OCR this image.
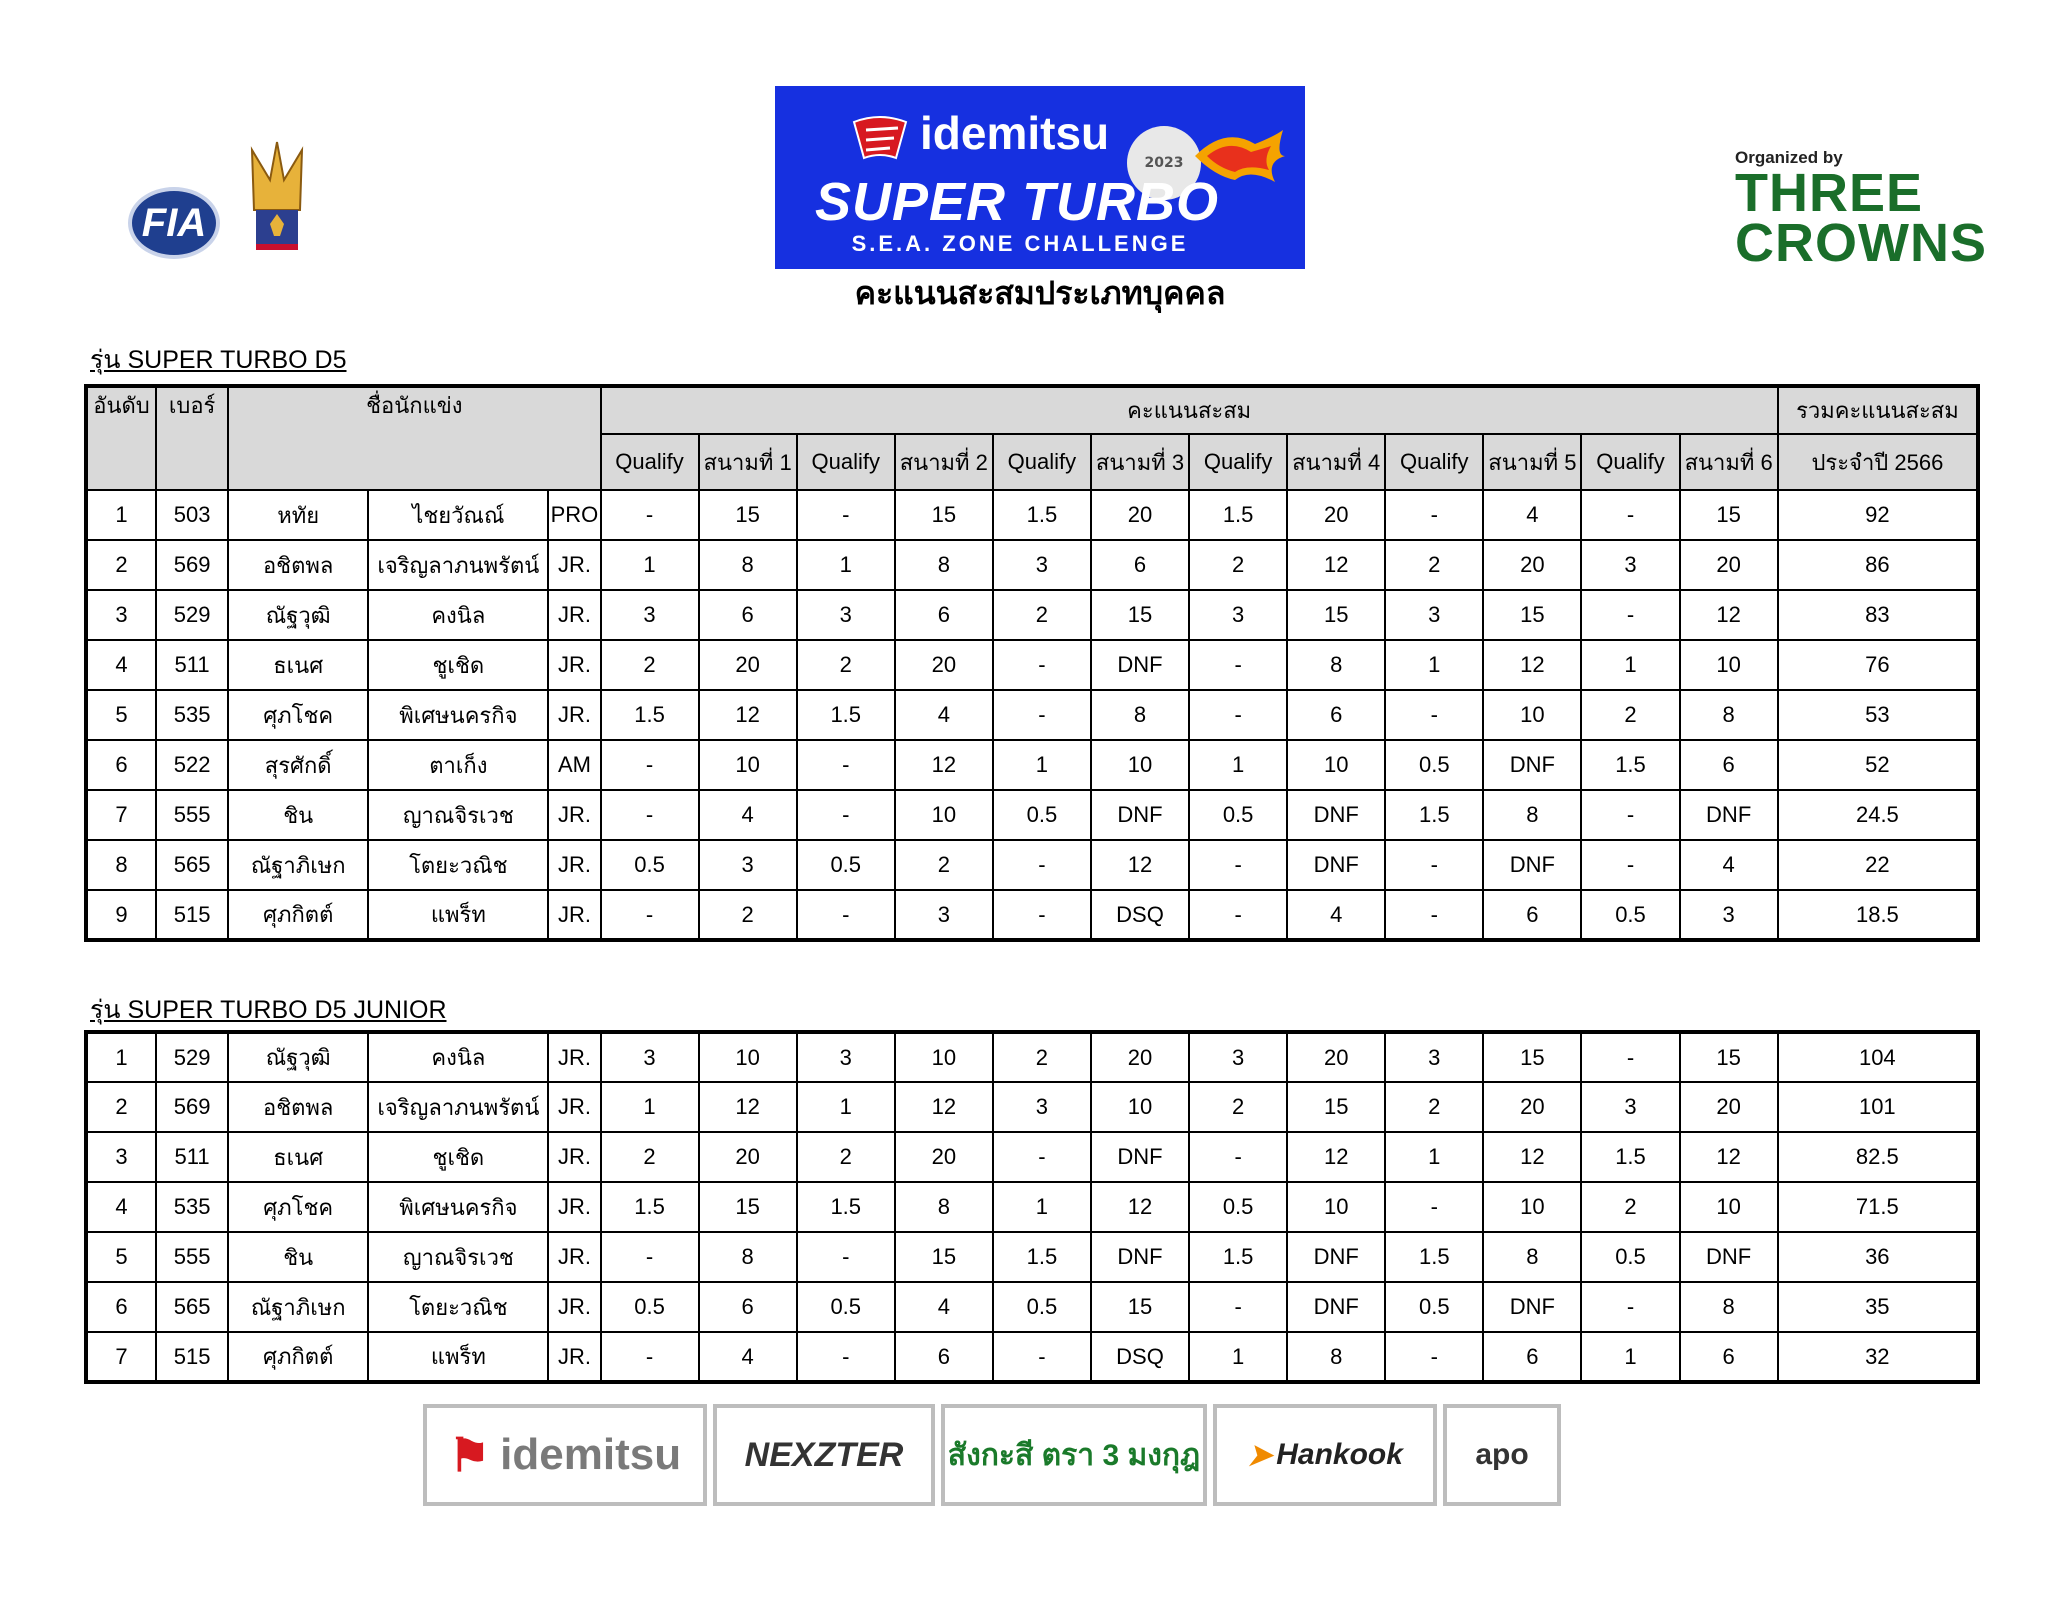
FIA
idemitsu
2023
SUPER TURBO
S.E.A. ZONE CHALLENGE
Organized by
THREE
CROWNS
คะแนนสะสมประเภทบุคคล
รุ่น SUPER TURBO D5
อันดับ	เบอร์	ชื่อนักแข่ง			คะแนนสะสม												รวมคะแนนสะสม
					Qualify	สนามที่ 1	Qualify	สนามที่ 2	Qualify	สนามที่ 3	Qualify	สนามที่ 4	Qualify	สนามที่ 5	Qualify	สนามที่ 6	ประจำปี 2566
1	503	หทัย	ไชยวัณณ์	PRO	-	15	-	15	1.5	20	1.5	20	-	4	-	15	92
2	569	อชิตพล	เจริญลาภนพรัตน์	JR.	1	8	1	8	3	6	2	12	2	20	3	20	86
3	529	ณัฐวุฒิ	คงนิล	JR.	3	6	3	6	2	15	3	15	3	15	-	12	83
4	511	ธเนศ	ชูเชิด	JR.	2	20	2	20	-	DNF	-	8	1	12	1	10	76
5	535	ศุภโชค	พิเศษนครกิจ	JR.	1.5	12	1.5	4	-	8	-	6	-	10	2	8	53
6	522	สุรศักดิ์	ตาเก็ง	AM	-	10	-	12	1	10	1	10	0.5	DNF	1.5	6	52
7	555	ชิน	ญาณจิรเวช	JR.	-	4	-	10	0.5	DNF	0.5	DNF	1.5	8	-	DNF	24.5
8	565	ณัฐาภิเษก	โตยะวณิช	JR.	0.5	3	0.5	2	-	12	-	DNF	-	DNF	-	4	22
9	515	ศุภกิตต์	แพร็ท	JR.	-	2	-	3	-	DSQ	-	4	-	6	0.5	3	18.5
รุ่น SUPER TURBO D5 JUNIOR
1	529	ณัฐวุฒิ	คงนิล	JR.	3	10	3	10	2	20	3	20	3	15	-	15	104
2	569	อชิตพล	เจริญลาภนพรัตน์	JR.	1	12	1	12	3	10	2	15	2	20	3	20	101
3	511	ธเนศ	ชูเชิด	JR.	2	20	2	20	-	DNF	-	12	1	12	1.5	12	82.5
4	535	ศุภโชค	พิเศษนครกิจ	JR.	1.5	15	1.5	8	1	12	0.5	10	-	10	2	10	71.5
5	555	ชิน	ญาณจิรเวช	JR.	-	8	-	15	1.5	DNF	1.5	DNF	1.5	8	0.5	DNF	36
6	565	ณัฐาภิเษก	โตยะวณิช	JR.	0.5	6	0.5	4	0.5	15	-	DNF	0.5	DNF	-	8	35
7	515	ศุภกิตต์	แพร็ท	JR.	-	4	-	6	-	DSQ	1	8	-	6	1	6	32
⚑ idemitsu NEXZTER สังกะสี ตรา 3 มงกุฎ ➤ Hankook apo
